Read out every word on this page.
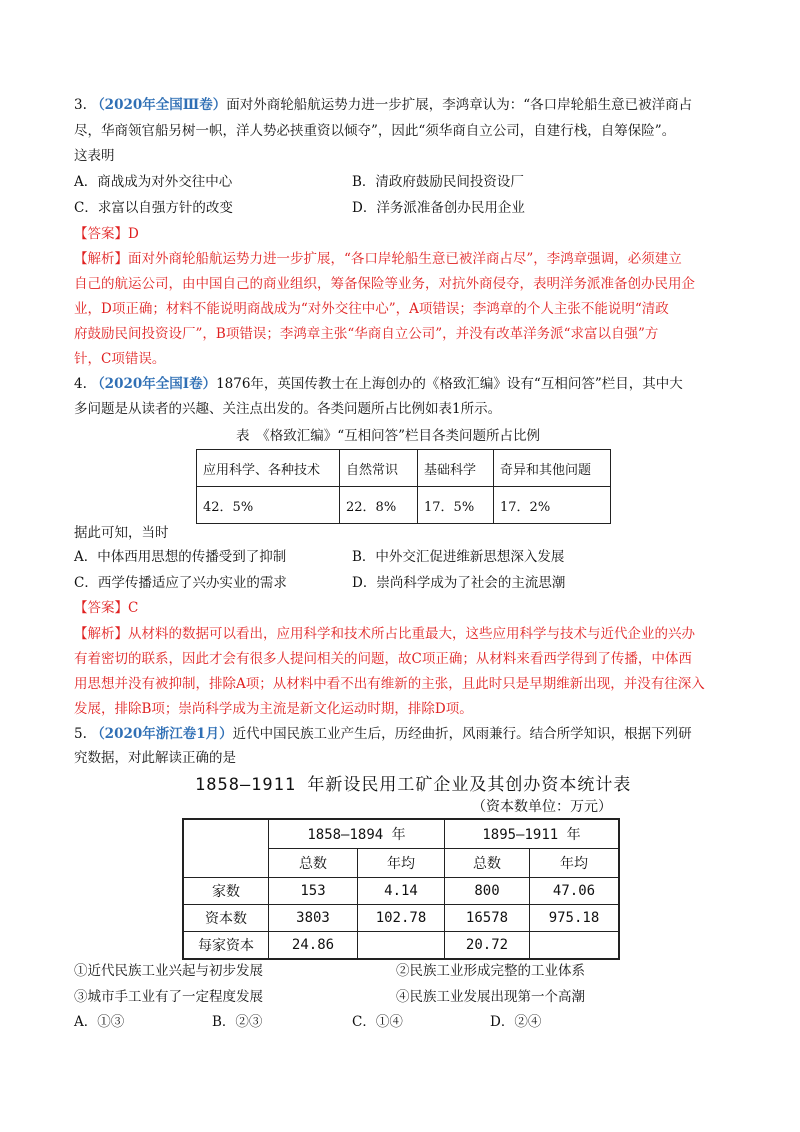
3. （2020年全国Ⅲ卷）面对外商轮船航运势力进一步扩展，李鸿章认为：“各口岸轮船生意已被洋商占
尽，华商领官船另树一帜，洋人势必挟重资以倾夺”，因此“须华商自立公司，自建行栈，自筹保险”。
这表明
A．商战成为对外交往中心	B．清政府鼓励民间投资设厂
C．求富以自强方针的改变	D．洋务派准备创办民用企业
【答案】D
【解析】面对外商轮船航运势力进一步扩展，“各口岸轮船生意已被洋商占尽”，李鸿章强调，必须建立
自己的航运公司，由中国自己的商业组织，筹备保险等业务，对抗外商侵夺，表明洋务派准备创办民用企
业，D项正确；材料不能说明商战成为“对外交往中心”，A项错误；李鸿章的个人主张不能说明“清政
府鼓励民间投资设厂”，B项错误；李鸿章主张“华商自立公司”，并没有改革洋务派“求富以自强”方
针，C项错误。
4. （2020年全国Ⅰ卷）1876年，英国传教士在上海创办的《格致汇编》设有“互相问答”栏目，其中大
多问题是从读者的兴趣、关注点出发的。各类问题所占比例如表1所示。
表　《格致汇编》“互相问答”栏目各类问题所占比例
应用科学、各种技术	自然常识	基础科学	奇异和其他问题
42．5%	22．8%	17．5%	17．2%
据此可知，当时
A．中体西用思想的传播受到了抑制	B．中外交汇促进维新思想深入发展
C．西学传播适应了兴办实业的需求	D．崇尚科学成为了社会的主流思潮
【答案】C
【解析】从材料的数据可以看出，应用科学和技术所占比重最大，这些应用科学与技术与近代企业的兴办
有着密切的联系，因此才会有很多人提问相关的问题，故C项正确；从材料来看西学得到了传播，中体西
用思想并没有被抑制，排除A项；从材料中看不出有维新的主张，且此时只是早期维新出现，并没有往深入
发展，排除B项；崇尚科学成为主流是新文化运动时期，排除D项。
5. （2020年浙江卷1月）近代中国民族工业产生后，历经曲折，风雨兼行。结合所学知识，根据下列研
究数据，对此解读正确的是
1858—1911 年新设民用工矿企业及其创办资本统计表
（资本数单位：万元）
	1858—1894 年		1895—1911 年	
	总数	年均	总数	年均
家数	153	4.14	800	47.06
资本数	3803	102.78	16578	975.18
每家资本	24.86		20.72	
①近代民族工业兴起与初步发展	②民族工业形成完整的工业体系
③城市手工业有了一定程度发展	④民族工业发展出现第一个高潮
A．①③	B．②③	C．①④	D．②④
